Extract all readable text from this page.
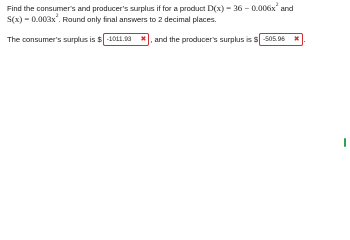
Find the consumer’s and producer’s surplus if for a product $D(x) = 36 - 0.006x^2$ and
$S(x) = 0.003x^2$. Round only final answers to 2 decimal places.
The consumer’s surplus is $ -1011.93	✖ , and the producer’s surplus is $ -505.96	✖ .
